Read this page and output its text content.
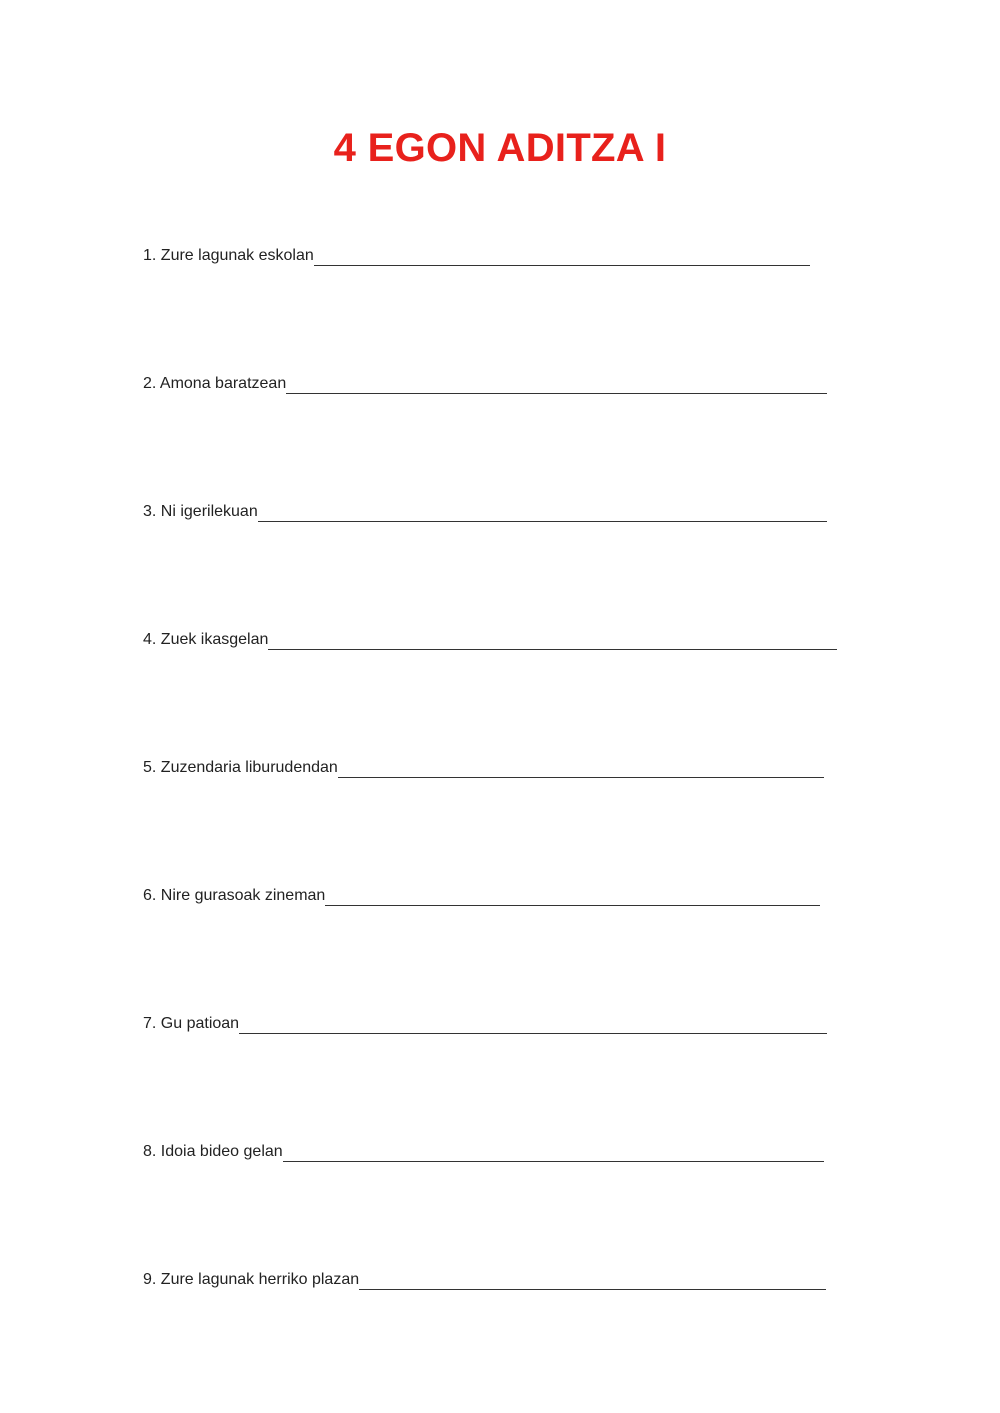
4 EGON ADITZA I
1. Zure lagunak eskolan
2. Amona baratzean
3. Ni igerilekuan
4. Zuek ikasgelan
5. Zuzendaria liburudendan
6. Nire gurasoak zineman
7. Gu patioan
8. Idoia bideo gelan
9. Zure lagunak herriko plazan
